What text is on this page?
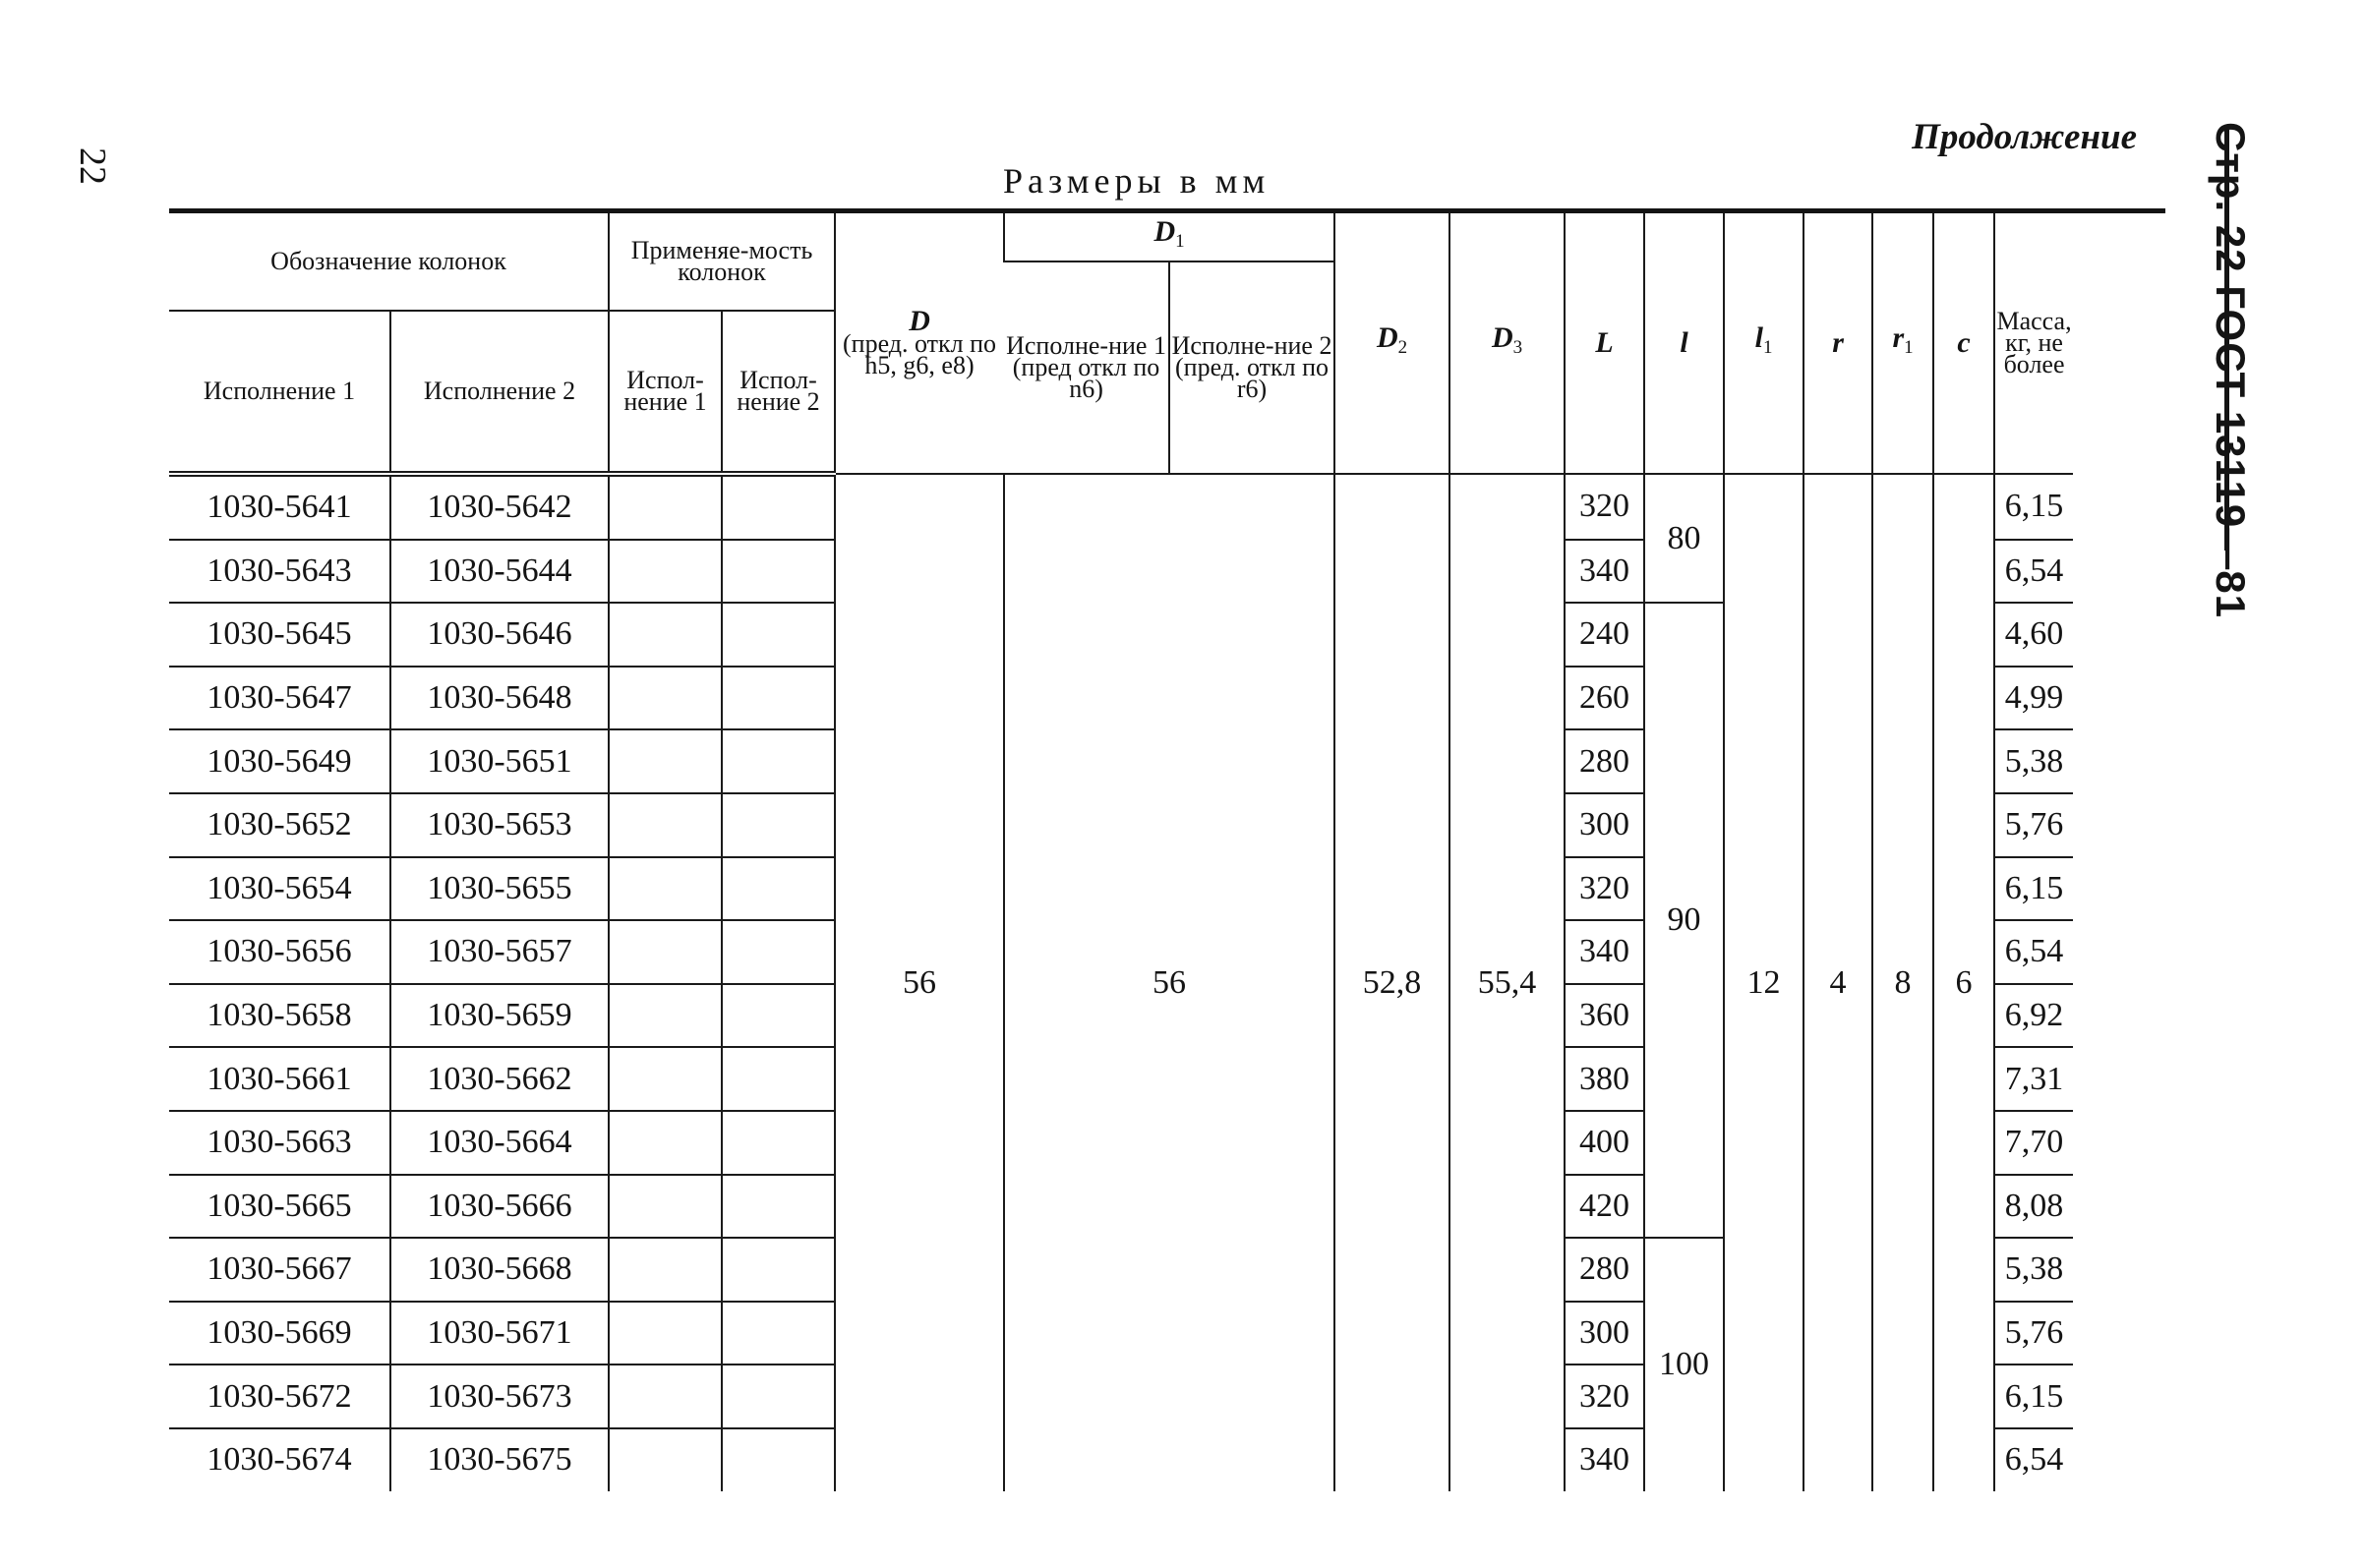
22
Продолжение
Размеры в мм	Стр. 22 ГОСТ 13119—81
Обозначение колонок		Применяе-мость колонок		D
(пред. откл по h5, g6, e8)	$D_1$		$D_2$	$D_3$	L	l	$l_1$	r	$r_1$	c	Масса, кг, не более
					Исполне-ние 1 (пред откл по n6)	Исполне-ние 2 (пред. откл по r6)									
Исполнение 1	Исполнение 2	Испол-нение 1	Испол-нение 2												
1030-5641	1030-5642			56	56		52,8	55,4	320	80	12	4	8	6	6,15
1030-5643	1030-5644								340						6,54
1030-5645	1030-5646								240	90					4,60
1030-5647	1030-5648								260						4,99
1030-5649	1030-5651								280						5,38
1030-5652	1030-5653								300						5,76
1030-5654	1030-5655								320						6,15
1030-5656	1030-5657								340						6,54
1030-5658	1030-5659								360						6,92
1030-5661	1030-5662								380						7,31
1030-5663	1030-5664								400						7,70
1030-5665	1030-5666								420						8,08
1030-5667	1030-5668								280	100					5,38
1030-5669	1030-5671								300						5,76
1030-5672	1030-5673								320						6,15
1030-5674	1030-5675								340						6,54
